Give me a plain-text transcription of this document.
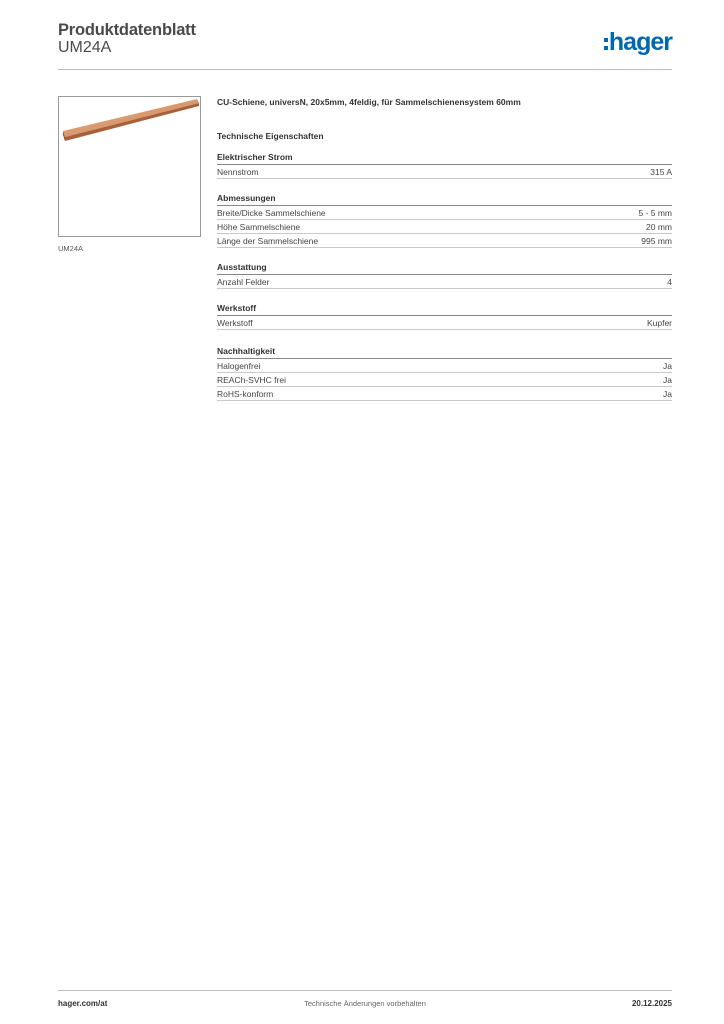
Produktdatenblatt
UM24A	hager
UM24A
CU-Schiene, universN, 20x5mm, 4feldig, für Sammelschienensystem 60mm
Technische Eigenschaften
Elektrischer Strom
Nennstrom	315 A
Abmessungen
Breite/Dicke Sammelschiene	5 - 5 mm
Höhe Sammelschiene	20 mm
Länge der Sammelschiene	995 mm
Ausstattung
Anzahl Felder	4
Werkstoff
Werkstoff	Kupfer
Nachhaltigkeit
Halogenfrei	Ja
REACh-SVHC frei	Ja
RoHS-konform	Ja
hager.com/at	Technische Änderungen vorbehalten	20.12.2025
